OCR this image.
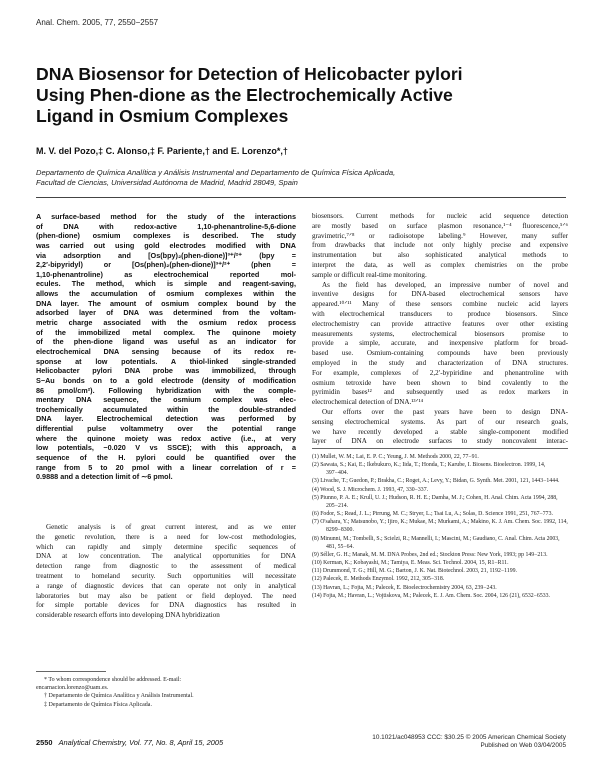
Anal. Chem. 2005, 77, 2550−2557
DNA Biosensor for Detection of Helicobacter pylori
Using Phen-dione as the Electrochemically Active
Ligand in Osmium Complexes
M. V. del Pozo,‡ C. Alonso,‡ F. Pariente,† and E. Lorenzo*,†
Departamento de Química Analítica y Análisis Instrumental and Departamento de Química Física Aplicada,
Facultad de Ciencias, Universidad Autónoma de Madrid, Madrid 28049, Spain
A surface-based method for the study of the interactions
of DNA with redox-active 1,10-phenantroline-5,6-dione
(phen-dione) osmium complexes is described. The study
was carried out using gold electrodes modified with DNA
via adsorption and [Os(bpy)₂(phen-dione)]³⁺/²⁺ (bpy =
2,2′-bipyridyl) or [Os(phen)₂(phen-dione)]³⁺/²⁺ (phen =
1,10-phenantroline) as electrochemical reported mol-
ecules. The method, which is simple and reagent-saving,
allows the accumulation of osmium complexes within the
DNA layer. The amount of osmium complex bound by the
adsorbed layer of DNA was determined from the voltam-
metric charge associated with the osmium redox process
of the immobilized metal complex. The quinone moiety
of the phen-dione ligand was useful as an indicator for
electrochemical DNA sensing because of its redox re-
sponse at low potentials. A thiol-linked single-stranded
Helicobacter pylori DNA probe was immobilized, through
S−Au bonds on to a gold electrode (density of modification
86 pmol/cm²). Following hybridization with the comple-
mentary DNA sequence, the osmium complex was elec-
trochemically accumulated within the double-stranded
DNA layer. Electrochemical detection was performed by
differential pulse voltammetry over the potential range
where the quinone moiety was redox active (i.e., at very
low potentials, −0.020 V vs SSCE); with this approach, a
sequence of the H. pylori could be quantified over the
range from 5 to 20 pmol with a linear correlation of r =
0.9888 and a detection limit of ∼6 pmol.
Genetic analysis is of great current interest, and as we enter
the genetic revolution, there is a need for low-cost methodologies,
which can rapidly and simply determine specific sequences of
DNA at low concentration. The analytical opportunities for DNA
detection range from diagnostic to the assessment of medical
treatment to homeland security. Such opportunities will necessitate
a range of diagnostic devices that can operate not only in analytical
laboratories but may also be patient or field deployed. The need
for simple portable devices for DNA diagnostics has resulted in
considerable research efforts into developing DNA hybridization
biosensors. Current methods for nucleic acid sequence detection
are mostly based on surface plasmon resonance,¹⁻⁴ fluorescence,⁵ᐟ⁶
gravimetric,⁷ᐟ⁸ or radioisotope labeling.⁹ However, many suffer
from drawbacks that include not only highly precise and expensive
instrumentation but also sophisticated analytical methods to
interpret the data, as well as complex chemistries on the probe
sample or difficult real-time monitoring.
As the field has developed, an impressive number of novel and
inventive designs for DNA-based electrochemical sensors have
appeared.¹⁰ᐟ¹¹ Many of these sensors combine nucleic acid layers
with electrochemical transducers to produce biosensors. Since
electrochemistry can provide attractive features over other existing
measurements systems, electrochemical biosensors promise to
provide a simple, accurate, and inexpensive platform for broad-
based use. Osmium-containing compounds have been previously
employed in the study and characterization of DNA structures.
For example, complexes of 2,2′-bypiridine and phenantroline with
osmium tetroxide have been shown to bind covalently to the
pyrimidin bases¹² and subsequently used as redox markers in
electrochemical detection of DNA.¹³ᐟ¹⁴
Our efforts over the past years have been to design DNA-
sensing electrochemical systems. As part of our research goals,
we have recently developed a stable single-component modified
layer of DNA on electrode surfaces to study noncovalent interac-
* To whom correspondence should be addressed. E-mail:
encarnacion.lorenzo@uam.es.
† Departamento de Química Analítica y Análisis Instrumental.
‡ Departamento de Química Física Aplicada.
(1) Mullet, W. M.; Lai, E. P. C.; Yeung, J. M. Methods 2000, 22, 77−91.
(2) Sawata, S.; Kai, E.; Ikebukuro, K.; Iida, T.; Honda, T.; Karube, I. Biosens. Bioelectron. 1999, 14, 397−404.
(3) Livache, T.; Guedon, P.; Brakha, C.; Roget, A.; Levy, Y.; Bidan, G. Synth. Met. 2001, 121, 1443−1444.
(4) Wood, S. J. Microchem. J. 1993, 47, 330−337.
(5) Piunno, P. A. E.; Krull, U. J.; Hudson, R. H. E.; Damha, M. J.; Cohen, H. Anal. Chim. Acta 1994, 288, 205−214.
(6) Fodor, S.; Read, J. L.; Pirrung, M. C.; Stryer, L.; Tsai Lu, A.; Solas, D. Science 1991, 251, 767−773.
(7) O'sahara, Y.; Matsunobo, Y.; Ijiro, K.; Mukae, M.; Murkami, A.; Makino, K. J. Am. Chem. Soc. 1992, 114, 8299−8300.
(8) Minunni, M.; Tombelli, S.; Scielzi, R.; Mannelli, I.; Mascini, M.; Gaudiano, C. Anal. Chim. Acta 2003, 481, 55−64.
(9) Séller, G. H.; Manak, M. M. DNA Probes, 2nd ed.; Stockton Press: New York, 1993; pp 149−213.
(10) Kerman, K.; Kobayashi, M.; Tamiya, E. Meas. Sci. Technol. 2004, 15, R1−R11.
(11) Drummond, T. G.; Hill, M. G.; Barton, J. K. Nat. Biotechnol. 2003, 21, 1192−1199.
(12) Palecek, E. Methods Enzymol. 1992, 212, 305−318.
(13) Havran, L.; Fojta, M.; Palecek, E. Bioelectrochemistry 2004, 63, 239−243.
(14) Fojta, M.; Havran, L.; Vojtiskova, M.; Palecek, E. J. Am. Chem. Soc. 2004, 126 (21), 6532−6533.
2550 Analytical Chemistry, Vol. 77, No. 8, April 15, 2005
10.1021/ac048953 CCC: $30.25 © 2005 American Chemical Society
Published on Web 03/04/2005
